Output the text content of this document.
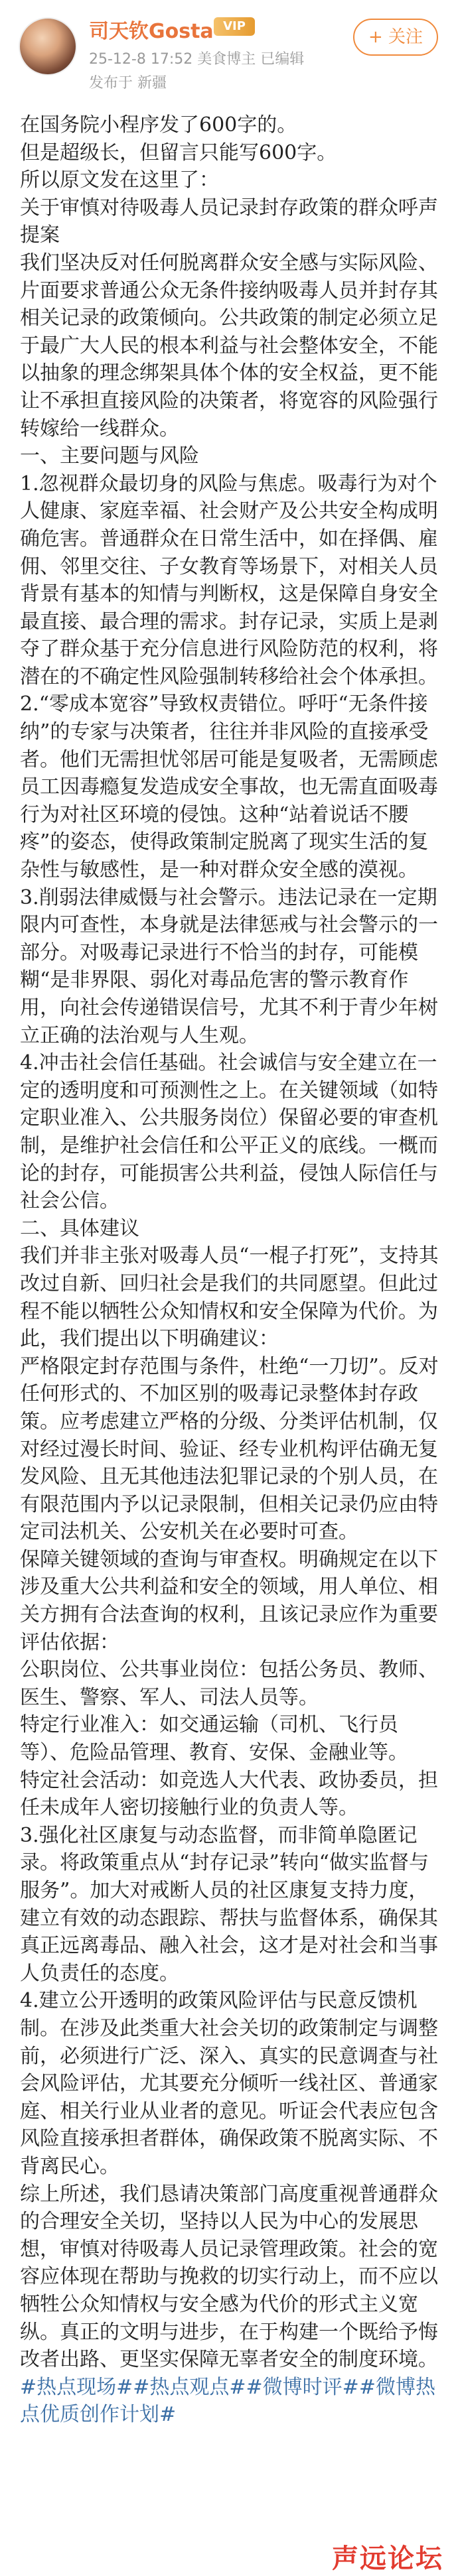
司天钦Gosta VIP
25-12-8 17:52 美食博主 已编辑
发布于 新疆
+ 关注

在国务院小程序发了600字的。

但是超级长，但留言只能写600字。

所以原文发在这里了：

关于审慎对待吸毒人员记录封存政策的群众呼声提案

我们坚决反对任何脱离群众安全感与实际风险、片面要求普通公众无条件接纳吸毒人员并封存其相关记录的政策倾向。公共政策的制定必须立足于最广大人民的根本利益与社会整体安全，不能以抽象的理念绑架具体个体的安全权益，更不能让不承担直接风险的决策者，将宽容的风险强行转嫁给一线群众。

一、主要问题与风险

1.忽视群众最切身的风险与焦虑。吸毒行为对个人健康、家庭幸福、社会财产及公共安全构成明确危害。普通群众在日常生活中，如在择偶、雇佣、邻里交往、子女教育等场景下，对相关人员背景有基本的知情与判断权，这是保障自身安全最直接、最合理的需求。封存记录，实质上是剥夺了群众基于充分信息进行风险防范的权利，将潜在的不确定性风险强制转移给社会个体承担。

2.“零成本宽容”导致权责错位。呼吁“无条件接纳”的专家与决策者，往往并非风险的直接承受者。他们无需担忧邻居可能是复吸者，无需顾虑员工因毒瘾复发造成安全事故，也无需直面吸毒行为对社区环境的侵蚀。这种“站着说话不腰疼”的姿态，使得政策制定脱离了现实生活的复杂性与敏感性，是一种对群众安全感的漠视。

3.削弱法律威慑与社会警示。违法记录在一定期限内可查性，本身就是法律惩戒与社会警示的一部分。对吸毒记录进行不恰当的封存，可能模糊“是非界限、弱化对毒品危害的警示教育作用，向社会传递错误信号，尤其不利于青少年树立正确的法治观与人生观。

4.冲击社会信任基础。社会诚信与安全建立在一定的透明度和可预测性之上。在关键领域（如特定职业准入、公共服务岗位）保留必要的审查机制，是维护社会信任和公平正义的底线。一概而论的封存，可能损害公共利益，侵蚀人际信任与社会公信。

二、具体建议

我们并非主张对吸毒人员“一棍子打死”，支持其改过自新、回归社会是我们的共同愿望。但此过程不能以牺牲公众知情权和安全保障为代价。为此，我们提出以下明确建议：

严格限定封存范围与条件，杜绝“一刀切”。反对任何形式的、不加区别的吸毒记录整体封存政策。应考虑建立严格的分级、分类评估机制，仅对经过漫长时间、验证、经专业机构评估确无复发风险、且无其他违法犯罪记录的个别人员，在有限范围内予以记录限制，但相关记录仍应由特定司法机关、公安机关在必要时可查。

保障关键领域的查询与审查权。明确规定在以下涉及重大公共利益和安全的领域，用人单位、相关方拥有合法查询的权利，且该记录应作为重要评估依据：

公职岗位、公共事业岗位：包括公务员、教师、医生、警察、军人、司法人员等。

特定行业准入：如交通运输（司机、飞行员等）、危险品管理、教育、安保、金融业等。

特定社会活动：如竞选人大代表、政协委员，担任未成年人密切接触行业的负责人等。

3.强化社区康复与动态监督，而非简单隐匿记录。将政策重点从“封存记录”转向“做实监督与服务”。加大对戒断人员的社区康复支持力度，建立有效的动态跟踪、帮扶与监督体系，确保其真正远离毒品、融入社会，这才是对社会和当事人负责任的态度。

4.建立公开透明的政策风险评估与民意反馈机制。在涉及此类重大社会关切的政策制定与调整前，必须进行广泛、深入、真实的民意调查与社会风险评估，尤其要充分倾听一线社区、普通家庭、相关行业从业者的意见。听证会代表应包含风险直接承担者群体，确保政策不脱离实际、不背离民心。

综上所述，我们恳请决策部门高度重视普通群众的合理安全关切，坚持以人民为中心的发展思想，审慎对待吸毒人员记录管理政策。社会的宽容应体现在帮助与挽救的切实行动上，而不应以牺牲公众知情权与安全感为代价的形式主义宽纵。真正的文明与进步，在于构建一个既给予悔改者出路、更坚实保障无辜者安全的制度环境。

#热点现场##热点观点##微博时评##微博热点优质创作计划#

声远论坛
